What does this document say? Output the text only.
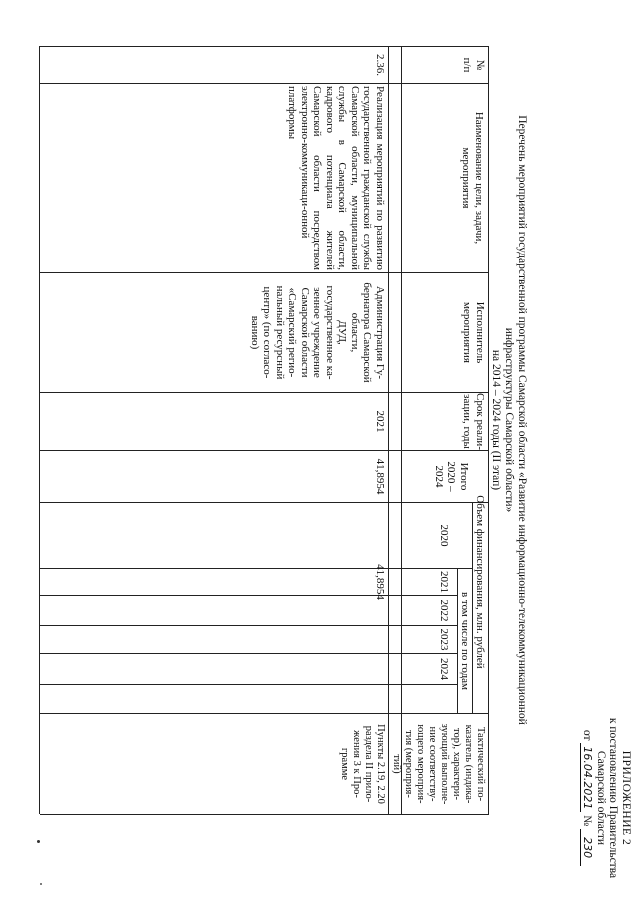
ПРИЛОЖЕНИЕ 2
к постановлению Правительства
Самарской области
от 16.04.2021 № 230
Перечень мероприятий государственной программы Самарской области «Развитие информационно-телекоммуникационной инфраструктуры Самарской области»
на 2014 – 2024 годы (II этап)
№
п/п
Наименование цели, задачи, мероприятия
Исполнитель
мероприятия
Срок реали-
зации, годы
Объем финансирования, млн. рублей
Итого 2020 –
2024
в том числе по годам
2020
2021
2022
2023
2024
Тактический по-
казатель (индика-
тор), характери-
зующий выполне-
ние соответству-
ющего мероприя-
тия (мероприя-
тий)
2.36.
Реализация мероприятий по развитию государственной гражданской службы Самарской области, муниципальной службы в Самарской области, кадрового потенциала жителей Самарской области посредством электронно-коммуникаци-онной платформы
Администрация Гу-
бернатора Самарской
области,
ДУД,
государственное ка-
зенное учреждение
Самарской области
«Самарский регио-
нальный ресурсный
центр» (по согласо-
ванию)
2021
41,8954
41,8954
Пункты 2.19, 2.20
раздела II прило-
жения 3 к Про-
грамме
